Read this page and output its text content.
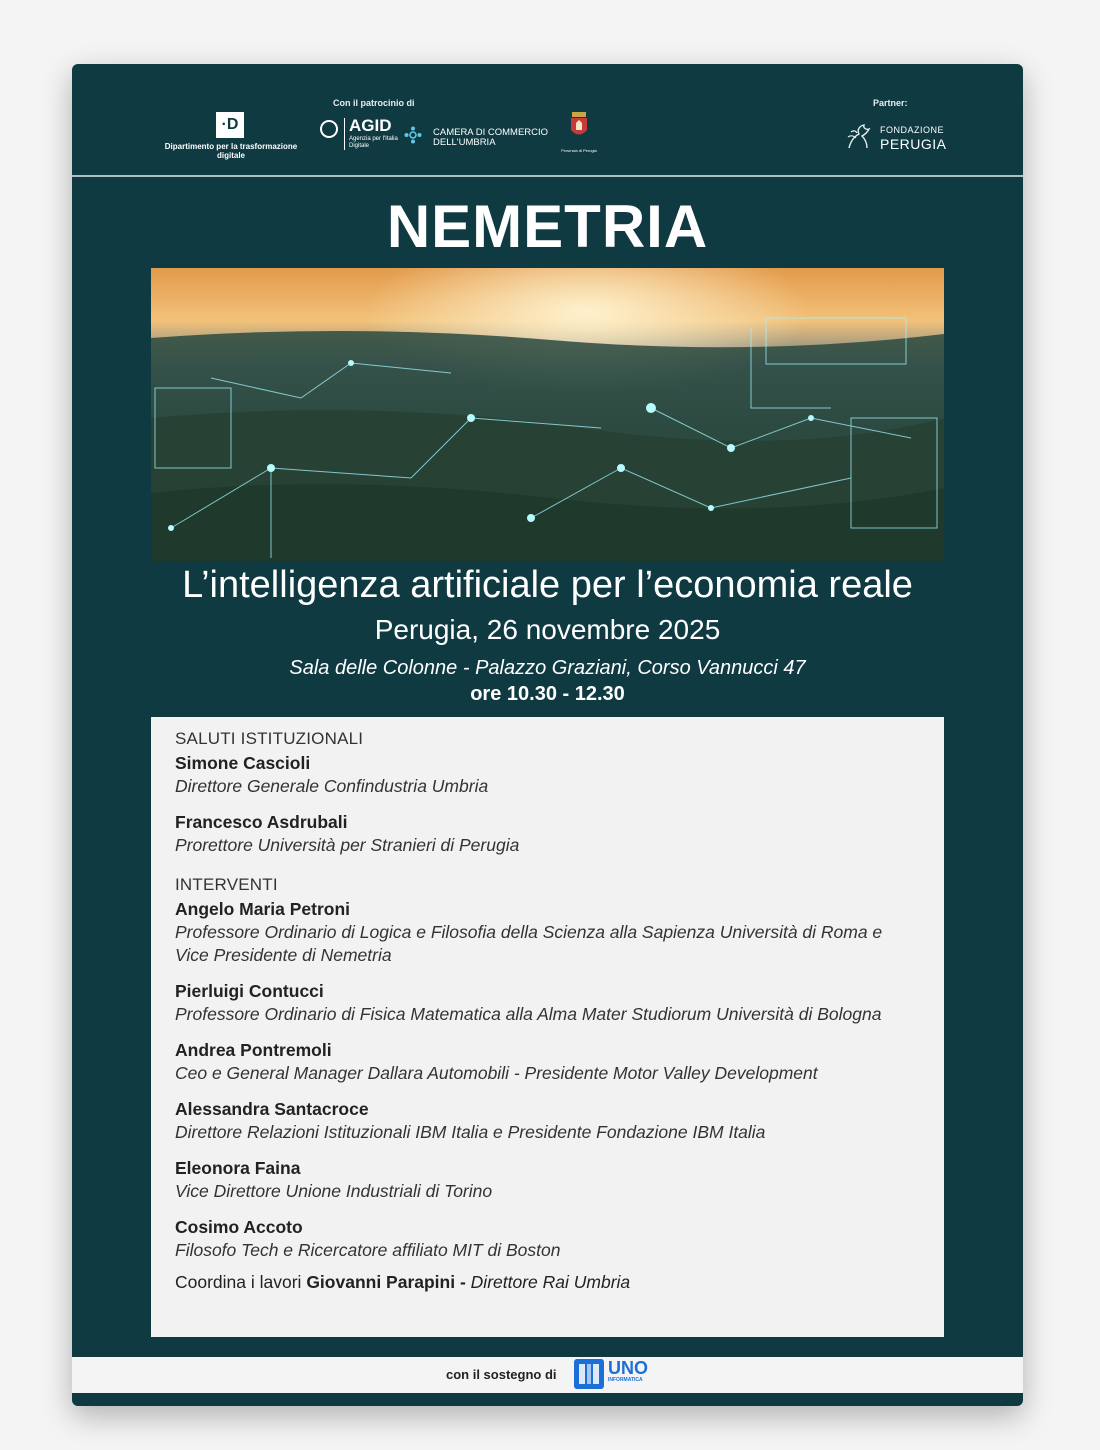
Con il patrocinio di	Partner:
·D
Dipartimento per la trasformazione digitale
AGID
Agenzia per l'Italia Digitale
CAMERA DI COMMERCIO
DELL'UMBRIA
Provincia di Perugia
FONDAZIONE
PERUGIA
NEMETRIA
L’intelligenza artificiale per l’economia reale
Perugia, 26 novembre 2025
Sala delle Colonne - Palazzo Graziani, Corso Vannucci 47
ore 10.30 - 12.30
SALUTI ISTITUZIONALI
Simone Cascioli
Direttore Generale Confindustria Umbria
Francesco Asdrubali
Prorettore Università per Stranieri di Perugia
INTERVENTI
Angelo Maria Petroni
Professore Ordinario di Logica e Filosofia della Scienza alla Sapienza Università di Roma e Vice Presidente di Nemetria
Pierluigi Contucci
Professore Ordinario di Fisica Matematica alla Alma Mater Studiorum Università di Bologna
Andrea Pontremoli
Ceo e General Manager Dallara Automobili - Presidente Motor Valley Development
Alessandra Santacroce
Direttore Relazioni Istituzionali IBM Italia e Presidente Fondazione IBM Italia
Eleonora Faina
Vice Direttore Unione Industriali di Torino
Cosimo Accoto
Filosofo Tech e Ricercatore affiliato MIT di Boston
Coordina i lavori Giovanni Parapini - Direttore Rai Umbria
con il sostegno di	UNO
INFORMATICA
